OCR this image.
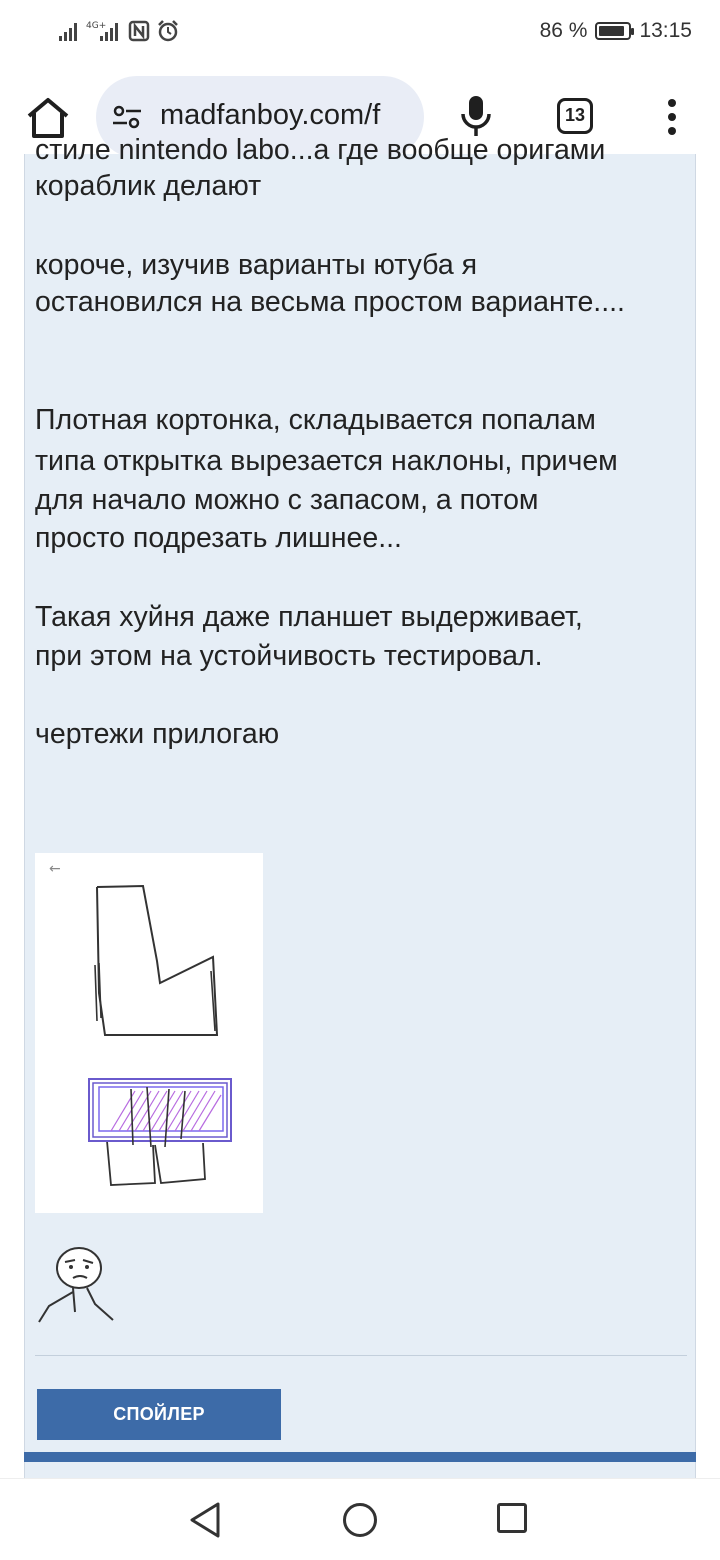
4G+	86 % 13:15
madfanboy.com/f	13
стиле nintendo labo...а где вообще оригами
кораблик делают
короче, изучив варианты ютуба я
остановился на весьма простом варианте....
Плотная кортонка, складывается попалам
типа открытка вырезается наклоны, причем
для начало можно с запасом, а потом
просто подрезать лишнее...
Такая хуйня даже планшет выдерживает,
при этом на устойчивость тестировал.
чертежи прилогаю
←
СПОЙЛЕР
